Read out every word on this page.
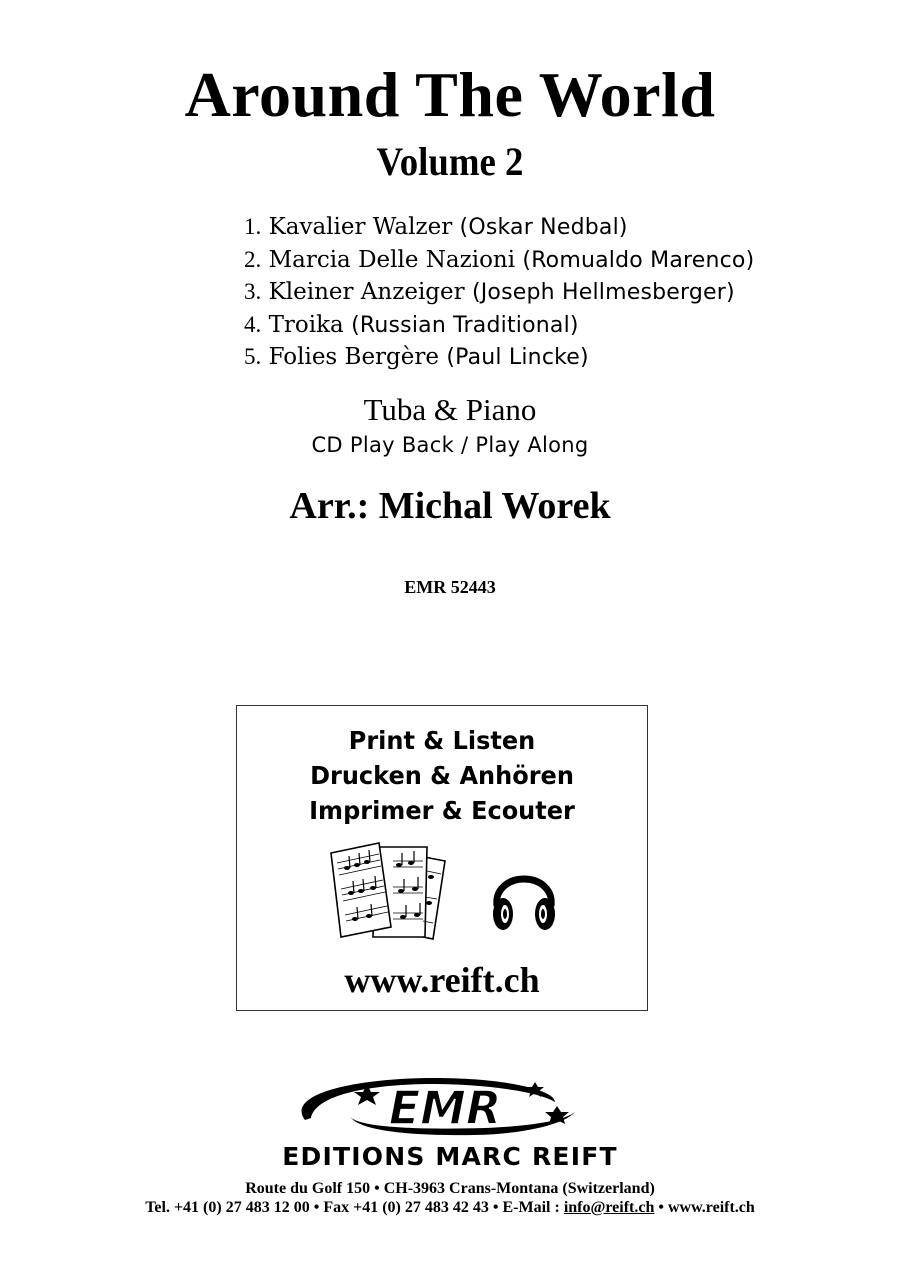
Around The World
Volume 2
1. Kavalier Walzer (Oskar Nedbal)
2. Marcia Delle Nazioni (Romualdo Marenco)
3. Kleiner Anzeiger (Joseph Hellmesberger)
4. Troika (Russian Traditional)
5. Folies Bergère (Paul Lincke)
Tuba & Piano
CD Play Back / Play Along
Arr.: Michal Worek
EMR 52443
Print & Listen
Drucken & Anhören
Imprimer & Ecouter
www.reift.ch
EMR
EDITIONS MARC REIFT
Route du Golf 150 • CH-3963 Crans-Montana (Switzerland)
Tel. +41 (0) 27 483 12 00 • Fax +41 (0) 27 483 42 43 • E-Mail : info@reift.ch • www.reift.ch
